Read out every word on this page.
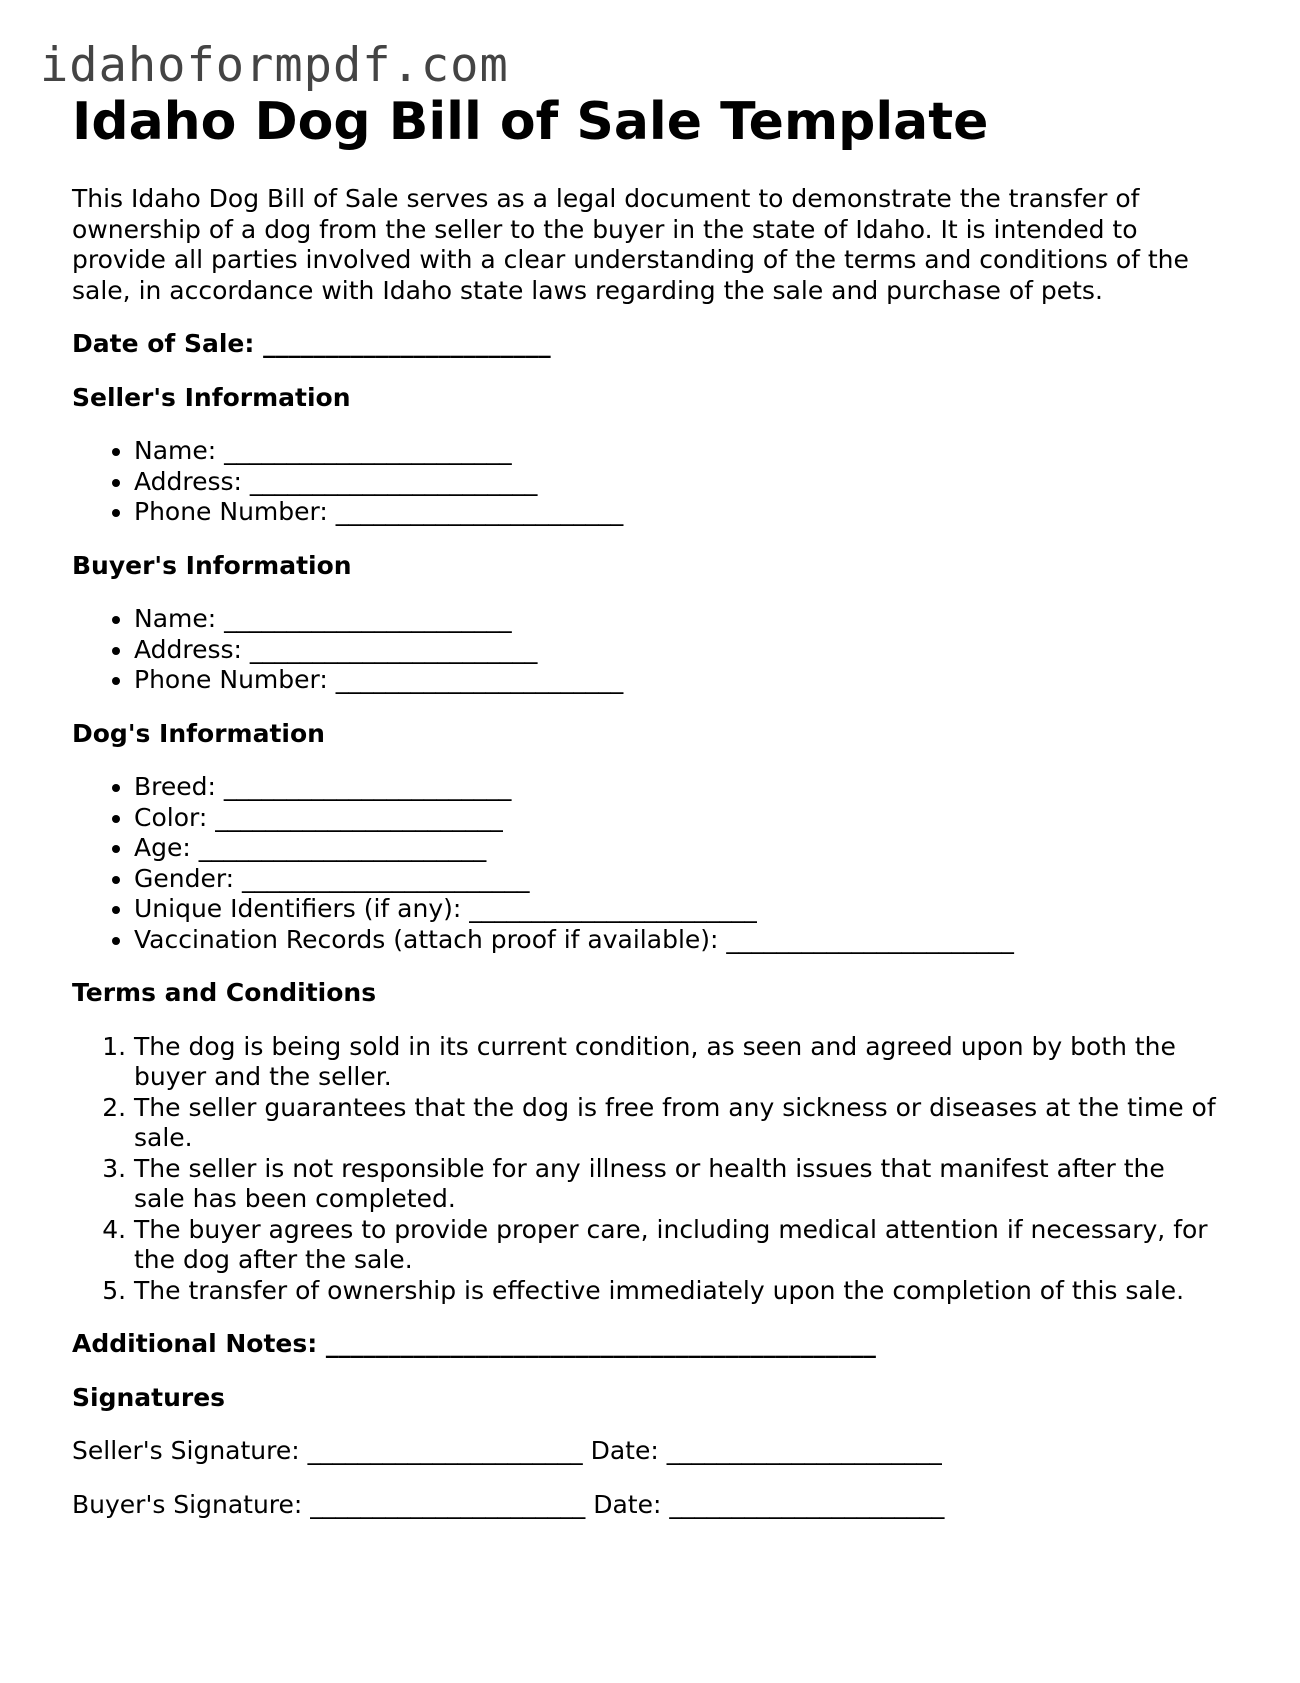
idahoformpdf.com
Idaho Dog Bill of Sale Template

This Idaho Dog Bill of Sale serves as a legal document to demonstrate the transfer of ownership of a dog from the seller to the buyer in the state of Idaho. It is intended to provide all parties involved with a clear understanding of the terms and conditions of the sale, in accordance with Idaho state laws regarding the sale and purchase of pets.

Date of Sale: _______________________

Seller's Information
• Name: _______________________
• Address: _______________________
• Phone Number: _______________________
Buyer's Information
• Name: _______________________
• Address: _______________________
• Phone Number: _______________________
Dog's Information
• Breed: _______________________
• Color: _______________________
• Age: _______________________
• Gender: _______________________
• Unique Identifiers (if any): _______________________
• Vaccination Records (attach proof if available): _______________________
Terms and Conditions
1. The dog is being sold in its current condition, as seen and agreed upon by both the buyer and the seller.
2. The seller guarantees that the dog is free from any sickness or diseases at the time of sale.
3. The seller is not responsible for any illness or health issues that manifest after the sale has been completed.
4. The buyer agrees to provide proper care, including medical attention if necessary, for the dog after the sale.
5. The transfer of ownership is effective immediately upon the completion of this sale.

Additional Notes: ____________________________________________

Signatures

Seller's Signature: ______________________ Date: ______________________

Buyer's Signature: ______________________ Date: ______________________
